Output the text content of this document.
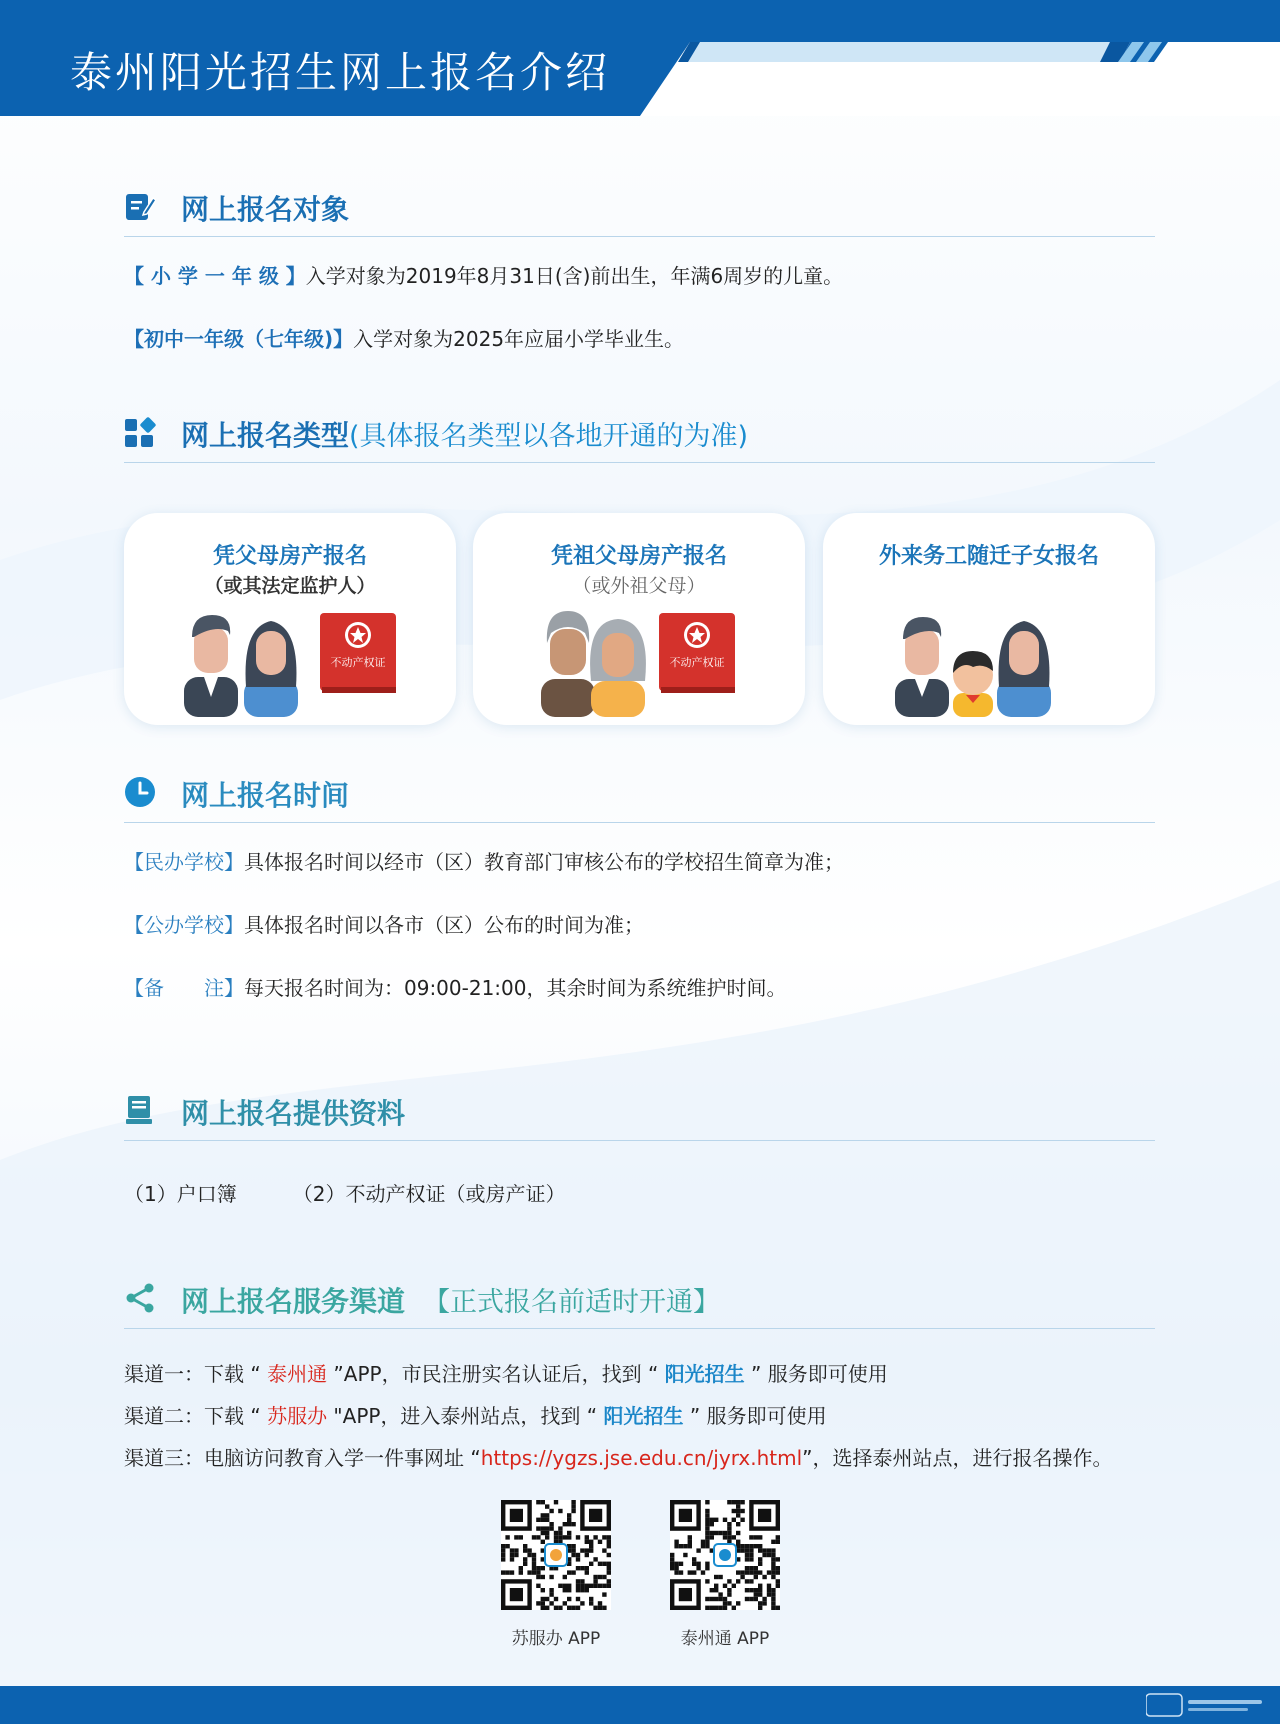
泰州阳光招生网上报名介绍
网上报名对象
【 小 学 一 年 级 】入学对象为2019年8月31日(含)前出生，年满6周岁的儿童。
【初中一年级（七年级)】入学对象为2025年应届小学毕业生。
网上报名类型(具体报名类型以各地开通的为准)
凭父母房产报名
（或其法定监护人）
不动产权证
凭祖父母房产报名
（或外祖父母）
不动产权证
外来务工随迁子女报名
网上报名时间
【民办学校】具体报名时间以经市（区）教育部门审核公布的学校招生简章为准；
【公办学校】具体报名时间以各市（区）公布的时间为准；
【备　　注】每天报名时间为：09:00-21:00，其余时间为系统维护时间。
网上报名提供资料
（1）户口簿	（2）不动产权证（或房产证）
网上报名服务渠道 【正式报名前适时开通】
渠道一：下载 “ 泰州通 ”APP，市民注册实名认证后，找到 “ 阳光招生 ” 服务即可使用
渠道二：下载 “ 苏服办 "APP，进入泰州站点，找到 “ 阳光招生 ” 服务即可使用
渠道三：电脑访问教育入学一件事网址 “https://ygzs.jse.edu.cn/jyrx.html”，选择泰州站点，进行报名操作。
苏服办 APP	泰州通 APP
